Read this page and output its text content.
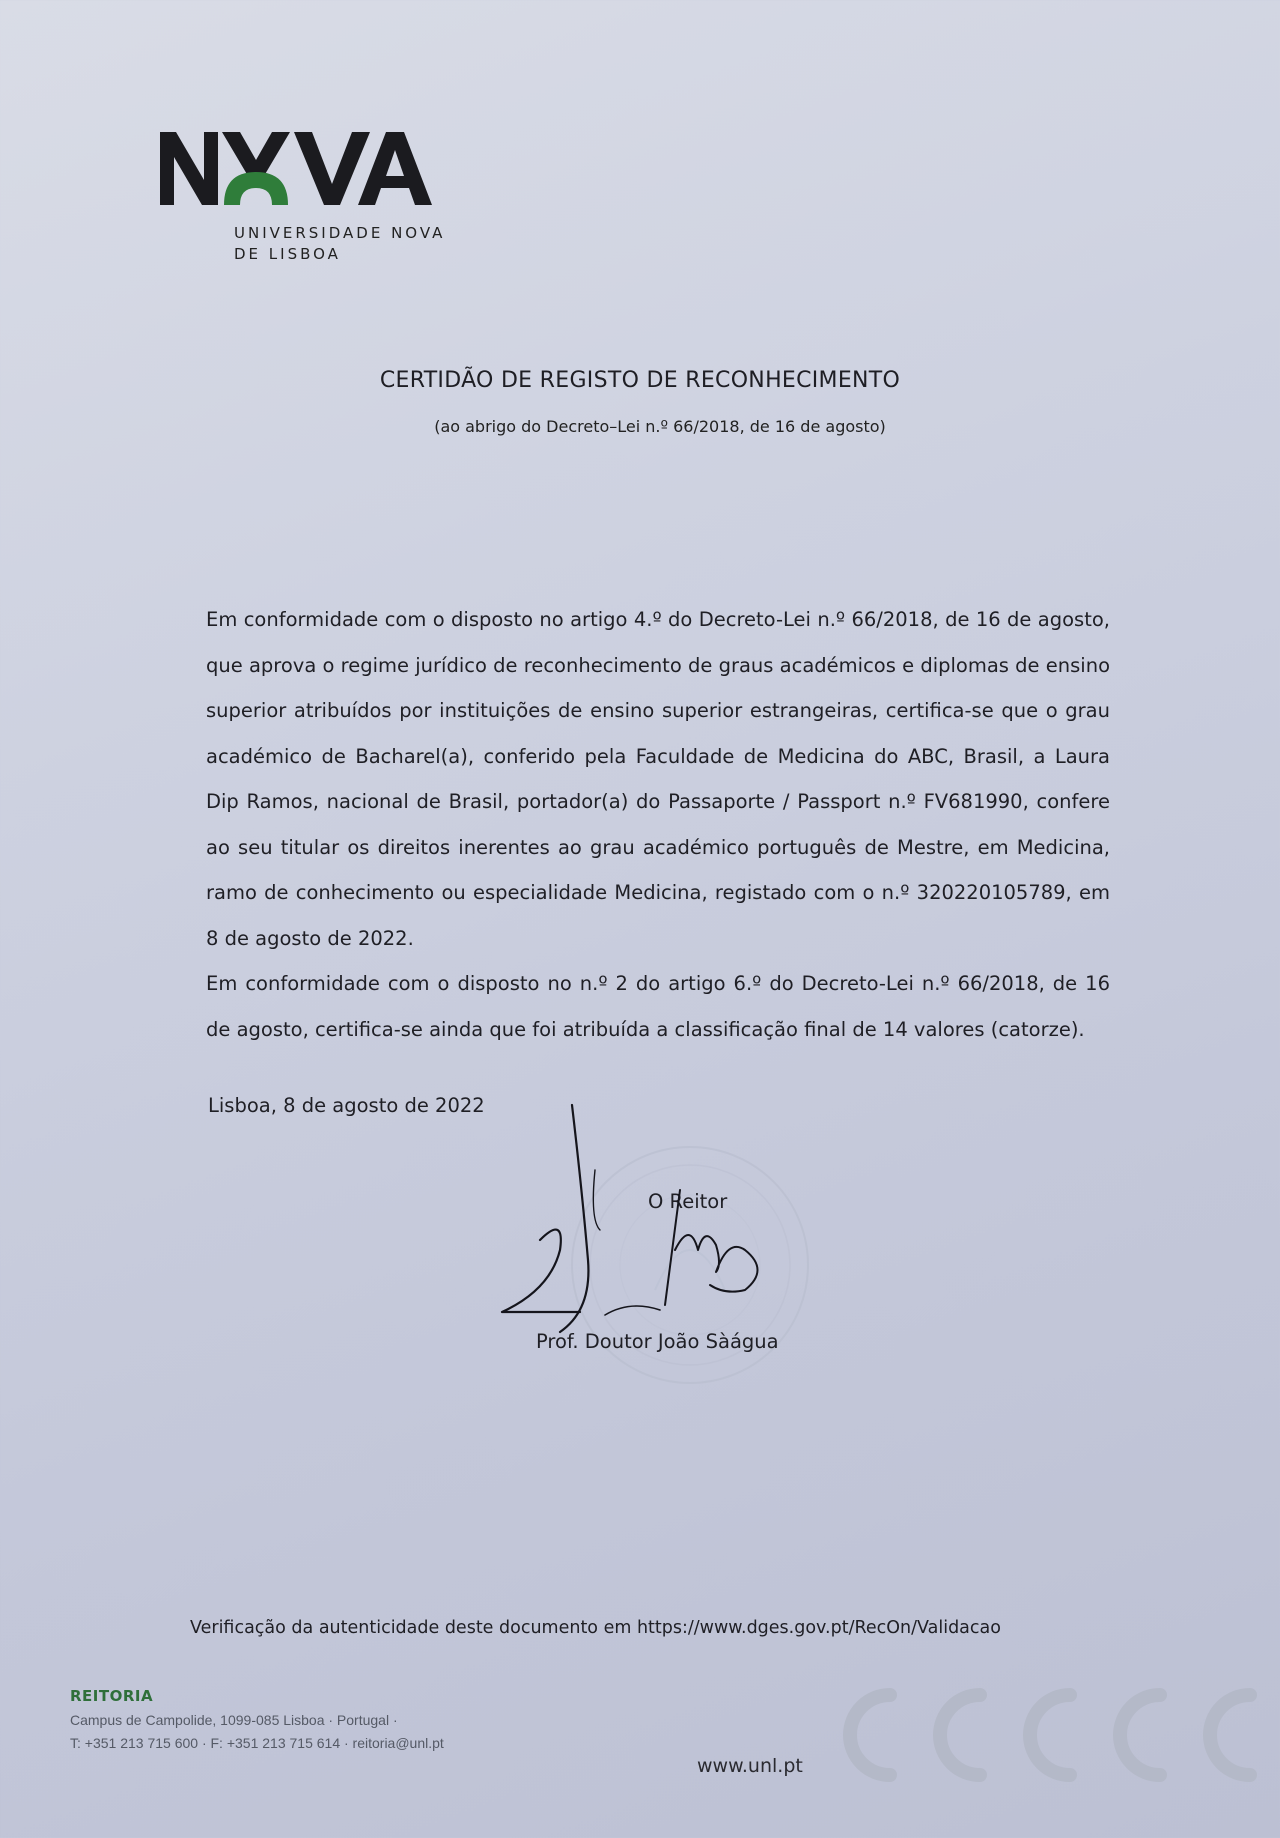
UNIVERSIDADE NOVA
DE LISBOA
CERTIDÃO DE REGISTO DE RECONHECIMENTO
(ao abrigo do Decreto–Lei n.º 66/2018, de 16 de agosto)

Em conformidade com o disposto no artigo 4.º do Decreto-Lei n.º 66/2018, de 16 de agosto, que aprova o regime jurídico de reconhecimento de graus académicos e diplomas de ensino superior atribuídos por instituições de ensino superior estrangeiras, certifica-se que o grau académico de Bacharel(a), conferido pela Faculdade de Medicina do ABC, Brasil, a Laura Dip Ramos, nacional de Brasil, portador(a) do Passaporte / Passport n.º FV681990, confere ao seu titular os direitos inerentes ao grau académico português de Mestre, em Medicina, ramo de conhecimento ou especialidade Medicina, registado com o n.º 320220105789, em 8 de agosto de 2022.

Em conformidade com o disposto no n.º 2 do artigo 6.º do Decreto-Lei n.º 66/2018, de 16 de agosto, certifica-se ainda que foi atribuída a classificação final de 14 valores (catorze).

Lisboa, 8 de agosto de 2022
O Reitor
Prof. Doutor João Sàágua
Verificação da autenticidade deste documento em https://www.dges.gov.pt/RecOn/Validacao
REITORIA
Campus de Campolide, 1099-085 Lisboa · Portugal ·
T: +351 213 715 600 · F: +351 213 715 614 · reitoria@unl.pt
www.unl.pt
